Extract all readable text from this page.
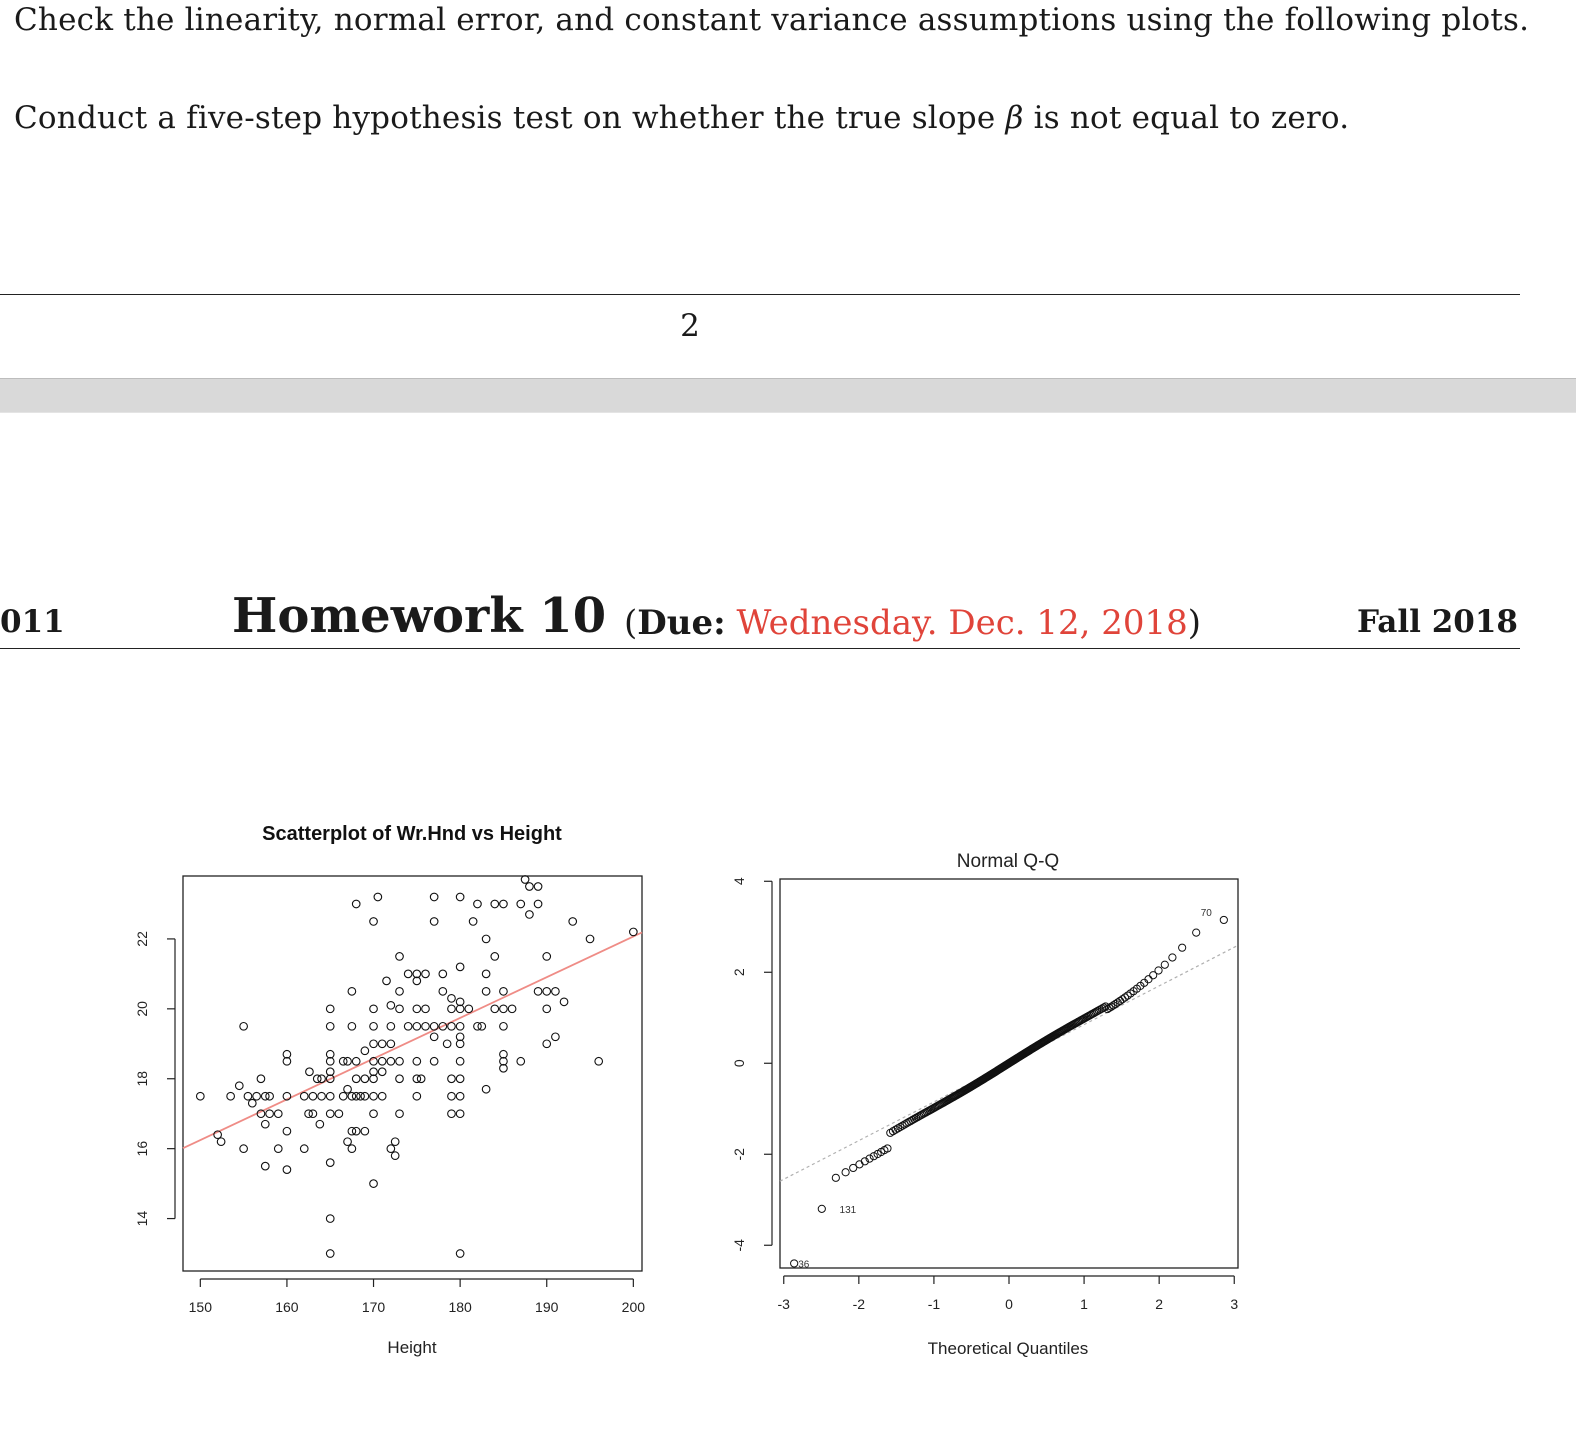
Check the linearity, normal error, and constant variance assumptions using the following plots.

Conduct a five-step hypothesis test on whether the true slope β is not equal to zero.

2
011	Homework 10 (Due: Wednesday. Dec. 12, 2018)	Fall 2018
Scatterplot of Wr.Hnd vs Height
150	160	170	180	190	200
14
16
18
20
22
Height
Normal Q-Q
-3	-2	-1	0	1	2	3
-4
-2
0
2
4
70
131
36
Theoretical Quantiles
